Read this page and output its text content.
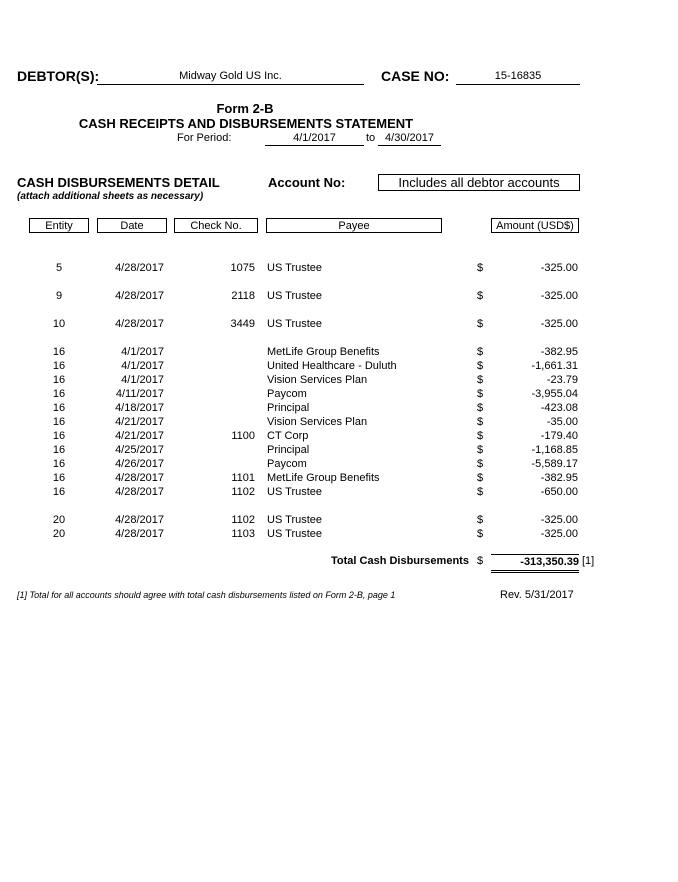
DEBTOR(S):	Midway Gold US Inc.	CASE NO:	15-16835
Form 2-B
CASH RECEIPTS AND DISBURSEMENTS STATEMENT
For Period:	4/1/2017	to 4/30/2017
CASH DISBURSEMENTS DETAIL
(attach additional sheets as necessary)
Account No:	Includes all debtor accounts
Entity	Date	Check No.	Payee	Amount (USD$)
5	4/28/2017	1075 US Trustee	$	-325.00
9	4/28/2017	2118 US Trustee	$	-325.00
10	4/28/2017	3449 US Trustee	$	-325.00
16	4/1/2017	MetLife Group Benefits	$	-382.95
16	4/1/2017	United Healthcare - Duluth	$	-1,661.31
16	4/1/2017	Vision Services Plan	$	-23.79
16	4/11/2017	Paycom	$	-3,955.04
16	4/18/2017	Principal	$	-423.08
16	4/21/2017	Vision Services Plan	$	-35.00
16	4/21/2017	1100 CT Corp	$	-179.40
16	4/25/2017	Principal	$	-1,168.85
16	4/26/2017	Paycom	$	-5,589.17
16	4/28/2017	1101 MetLife Group Benefits	$	-382.95
16	4/28/2017	1102 US Trustee	$	-650.00
20	4/28/2017	1102 US Trustee	$	-325.00
20	4/28/2017	1103 US Trustee	$	-325.00
Total Cash Disbursements $	-313,350.39 [1]
[1] Total for all accounts should agree with total cash disbursements listed on Form 2-B, page 1	Rev. 5/31/2017
